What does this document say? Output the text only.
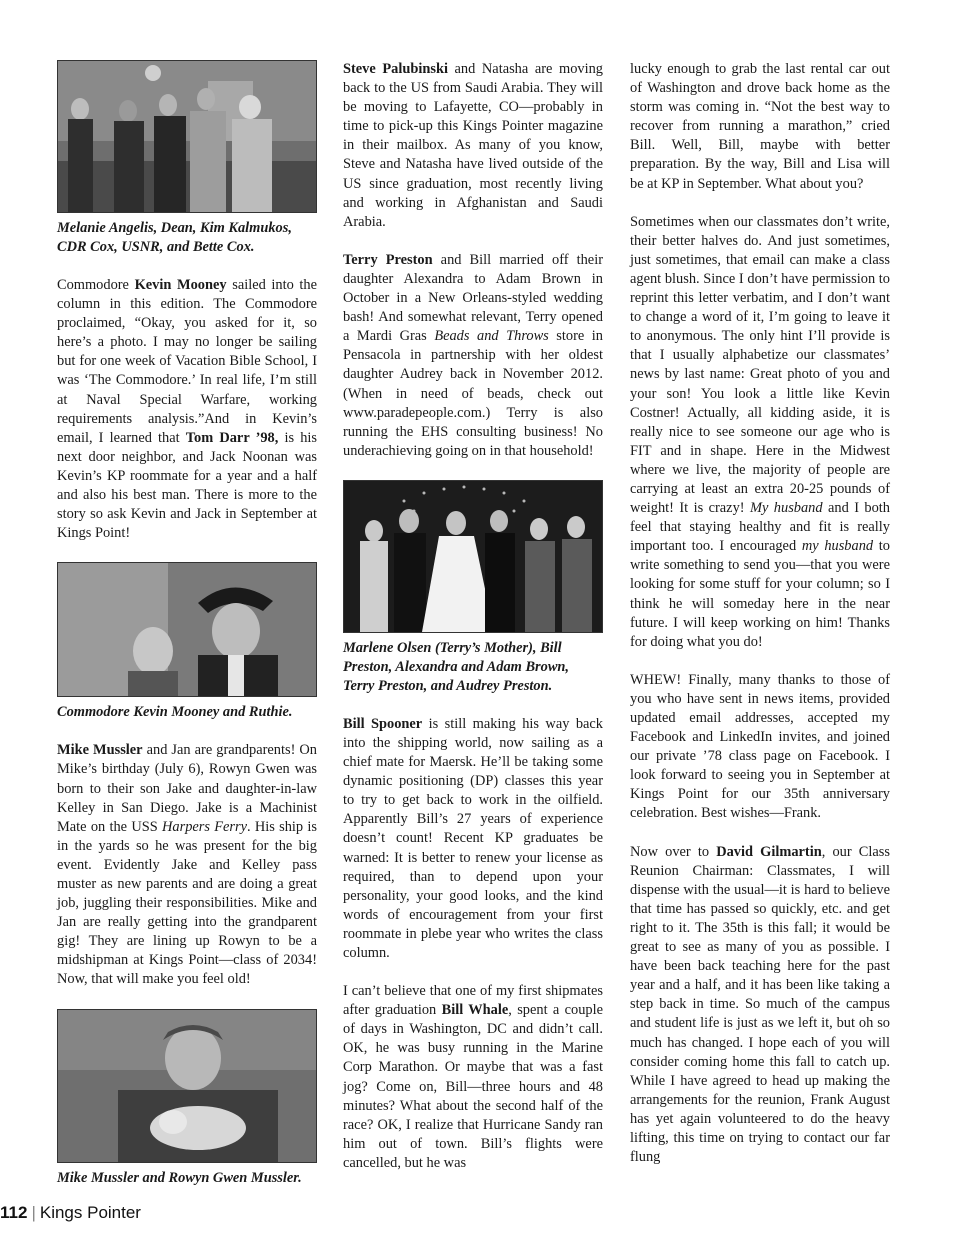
Melanie Angelis, Dean, Kim Kalmukos, CDR Cox, USNR, and Bette Cox.

Commodore Kevin Mooney sailed into the column in this edition. The Commodore proclaimed, “Okay, you asked for it, so here’s a photo. I may no longer be sailing but for one week of Vacation Bible School, I was ‘The Commodore.’ In real life, I’m still at Naval Special Warfare, working requirements analysis.”And in Kevin’s email, I learned that Tom Darr ’98, is his next door neighbor, and Jack Noonan was Kevin’s KP roommate for a year and a half and also his best man. There is more to the story so ask Kevin and Jack in September at Kings Point!

Commodore Kevin Mooney and Ruthie.

Mike Mussler and Jan are grandparents! On Mike’s birthday (July 6), Rowyn Gwen was born to their son Jake and daughter-in-law Kelley in San Diego. Jake is a Machinist Mate on the USS Harpers Ferry. His ship is in the yards so he was present for the big event. Evidently Jake and Kelley pass muster as new parents and are doing a great job, juggling their responsibilities. Mike and Jan are really getting into the grandparent gig! They are lining up Rowyn to be a midshipman at Kings Point—class of 2034! Now, that will make you feel old!

Mike Mussler and Rowyn Gwen Mussler.

Steve Palubinski and Natasha are moving back to the US from Saudi Arabia. They will be moving to Lafayette, CO—probably in time to pick-up this Kings Pointer magazine in their mailbox. As many of you know, Steve and Natasha have lived outside of the US since graduation, most recently living and working in Afghanistan and Saudi Arabia.

Terry Preston and Bill married off their daughter Alexandra to Adam Brown in October in a New Orleans-styled wedding bash! And somewhat relevant, Terry opened a Mardi Gras Beads and Throws store in Pensacola in partnership with her oldest daughter Audrey back in November 2012. (When in need of beads, check out www.paradepeople.com.) Terry is also running the EHS consulting business! No underachieving going on in that household!

Marlene Olsen (Terry’s Mother), Bill Preston, Alexandra and Adam Brown, Terry Preston, and Audrey Preston.

Bill Spooner is still making his way back into the shipping world, now sailing as a chief mate for Maersk. He’ll be taking some dynamic positioning (DP) classes this year to try to get back to work in the oilfield. Apparently Bill’s 27 years of experience doesn’t count! Recent KP graduates be warned: It is better to renew your license as required, than to depend upon your personality, your good looks, and the kind words of encouragement from your first roommate in plebe year who writes the class column.

I can’t believe that one of my first shipmates after graduation Bill Whale, spent a couple of days in Washington, DC and didn’t call. OK, he was busy running in the Marine Corp Marathon. Or maybe that was a fast jog? Come on, Bill—three hours and 48 minutes? What about the second half of the race? OK, I realize that Hurricane Sandy ran him out of town. Bill’s flights were cancelled, but he was

lucky enough to grab the last rental car out of Washington and drove back home as the storm was coming in. “Not the best way to recover from running a marathon,” cried Bill. Well, Bill, maybe with better preparation. By the way, Bill and Lisa will be at KP in September. What about you?

Sometimes when our classmates don’t write, their better halves do. And just sometimes, just sometimes, that email can make a class agent blush. Since I don’t have permission to reprint this letter verbatim, and I don’t want to change a word of it, I’m going to leave it to anonymous. The only hint I’ll provide is that I usually alphabetize our classmates’ news by last name: Great photo of you and your son! You look a little like Kevin Costner! Actually, all kidding aside, it is really nice to see someone our age who is FIT and in shape. Here in the Midwest where we live, the majority of people are carrying at least an extra 20-25 pounds of weight! It is crazy! My husband and I both feel that staying healthy and fit is really important too. I encouraged my husband to write something to send you—that you were looking for some stuff for your column; so I think he will someday here in the near future. I will keep working on him! Thanks for doing what you do!

WHEW! Finally, many thanks to those of you who have sent in news items, provided updated email addresses, accepted my Facebook and LinkedIn invites, and joined our private ’78 class page on Facebook. I look forward to seeing you in September at Kings Point for our 35th anniversary celebration. Best wishes—Frank.

Now over to David Gilmartin, our Class Reunion Chairman: Classmates, I will dispense with the usual—it is hard to believe that time has passed so quickly, etc. and get right to it. The 35th is this fall; it would be great to see as many of you as possible. I have been back teaching here for the past year and a half, and it has been like taking a step back in time. So much of the campus and student life is just as we left it, but oh so much has changed. I hope each of you will consider coming home this fall to catch up. While I have agreed to head up making the arrangements for the reunion, Frank August has yet again volunteered to do the heavy lifting, this time on trying to contact our far flung

112 | Kings Pointer
